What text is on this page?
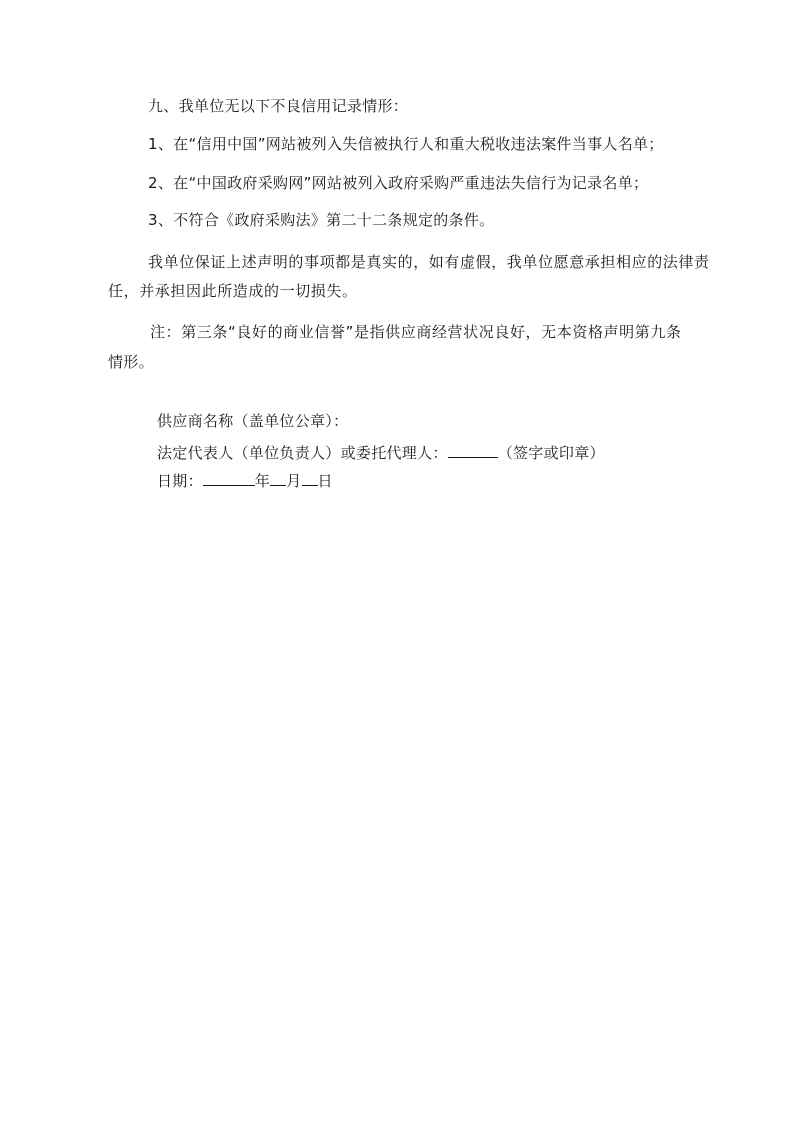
九、我单位无以下不良信用记录情形：
1、在“信用中国”网站被列入失信被执行人和重大税收违法案件当事人名单；
2、在“中国政府采购网”网站被列入政府采购严重违法失信行为记录名单；
3、不符合《政府采购法》第二十二条规定的条件。
我单位保证上述声明的事项都是真实的，如有虚假，我单位愿意承担相应的法律责
任，并承担因此所造成的一切损失。
注：第三条“良好的商业信誉”是指供应商经营状况良好，无本资格声明第九条
情形。
供应商名称（盖单位公章）：
法定代表人（单位负责人）或委托代理人：	（签字或印章）
日期：	年 月 日
